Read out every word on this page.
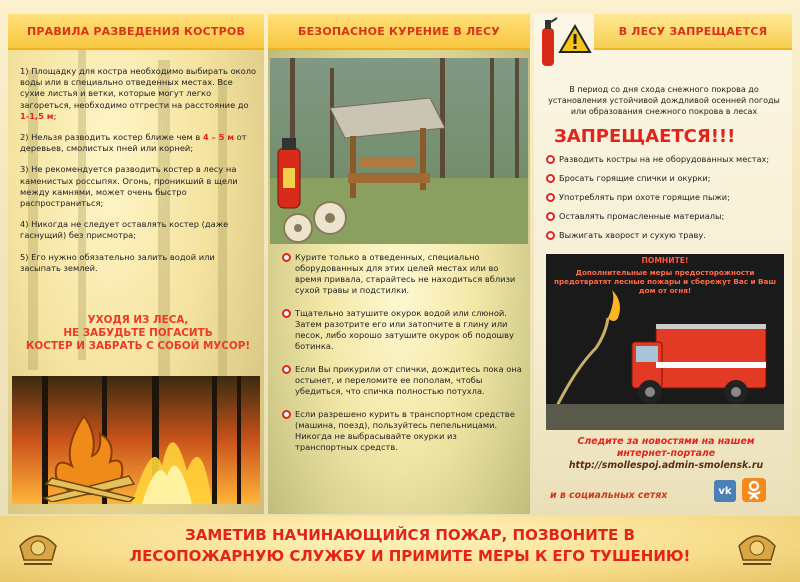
ПРАВИЛА РАЗВЕДЕНИЯ КОСТРОВ
1) Площадку для костра необходимо выбирать около воды или в специально отведенных местах. Все сухие листья и ветки, которые могут легко загореться, необходимо отгрести на расстояние до 1-1,5 м;
2) Нельзя разводить костер ближе чем в 4 – 5 м от деревьев, смолистых пней или корней;
3) Не рекомендуется разводить костер в лесу на каменистых россыпях. Огонь, проникший в щели между камнями, может очень быстро распространиться;
4) Никогда не следует оставлять костер (даже гаснущий) без присмотра;
5) Его нужно обязательно залить водой или засыпать землей.
УХОДЯ ИЗ ЛЕСА,
НЕ ЗАБУДЬТЕ ПОГАСИТЬ
КОСТЕР И ЗАБРАТЬ С СОБОЙ МУСОР!
БЕЗОПАСНОЕ КУРЕНИЕ В ЛЕСУ
Курите только в отведенных, специально оборудованных для этих целей местах или во время привала, старайтесь не находиться вблизи сухой травы и подстилки.
Тщательно затушите окурок водой или слюной. Затем разотрите его или затопчите в глину или песок, либо хорошо затушите окурок об подошву ботинка.
Если Вы прикурили от спички, дождитесь пока она остынет, и переломите ее пополам, чтобы убедиться, что спичка полностью потухла.
Если разрешено курить в транспортном средстве (машина, поезд), пользуйтесь пепельницами. Никогда не выбрасывайте окурки из транспортных средств.
В ЛЕСУ ЗАПРЕЩАЕТСЯ
В период со дня схода снежного покрова до установления устойчивой дождливой осенней погоды или образования снежного покрова в лесах
ЗАПРЕЩАЕТСЯ!!!
Разводить костры на не оборудованных местах;
Бросать горящие спички и окурки;
Употреблять при охоте горящие пыжи;
Оставлять промасленные материалы;
Выжигать хворост и сухую траву.
ПОМНИТЕ!
Дополнительные меры предосторожности предотвратят лесные пожары и сбережут Вас и Ваш дом от огня!
Следите за новостями на нашем
интернет-портале
http://smollespoj.admin-smolensk.ru
и в социальных сетях	vk
ЗАМЕТИВ НАЧИНАЮЩИЙСЯ ПОЖАР, ПОЗВОНИТЕ В
ЛЕСОПОЖАРНУЮ СЛУЖБУ И ПРИМИТЕ МЕРЫ К ЕГО ТУШЕНИЮ!
